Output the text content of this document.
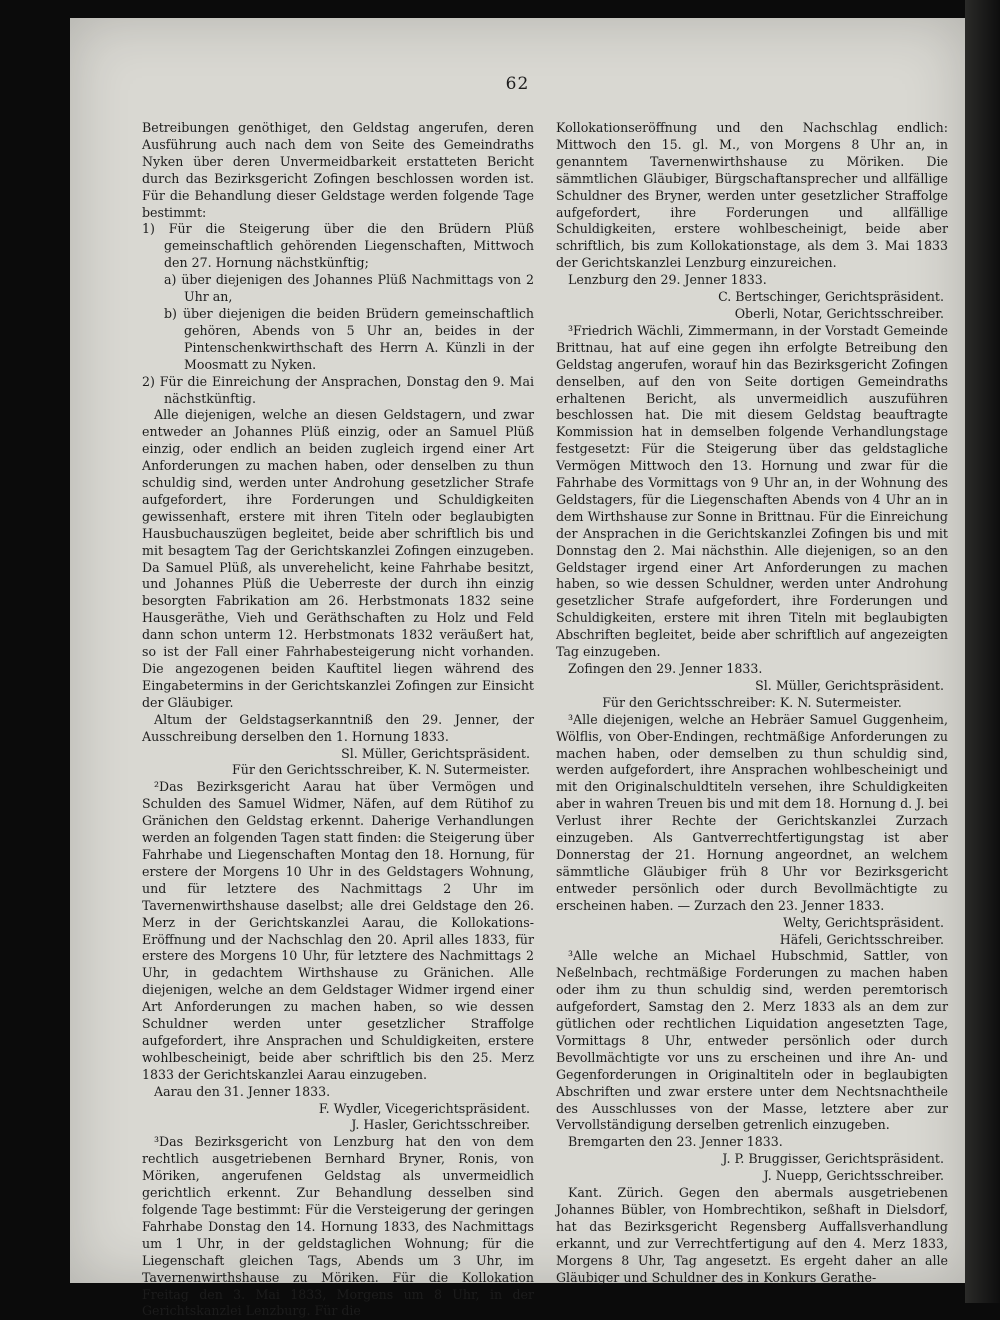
62

Betreibungen genöthiget, den Geldstag angerufen, deren Ausführung auch nach dem von Seite des Gemeindraths Nyken über deren Unvermeidbarkeit erstatteten Bericht durch das Bezirksgericht Zofingen beschlossen worden ist. Für die Behandlung dieser Geldstage werden folgende Tage bestimmt:

1) Für die Steigerung über die den Brüdern Plüß gemeinschaftlich gehörenden Liegenschaften, Mittwoch den 27. Hornung nächstkünftig;

a) über diejenigen des Johannes Plüß Nachmittags von 2 Uhr an,

b) über diejenigen die beiden Brüdern gemeinschaftlich gehören, Abends von 5 Uhr an, beides in der Pintenschenkwirthschaft des Herrn A. Künzli in der Moosmatt zu Nyken.

2) Für die Einreichung der Ansprachen, Donstag den 9. Mai nächstkünftig.

Alle diejenigen, welche an diesen Geldstagern, und zwar entweder an Johannes Plüß einzig, oder an Samuel Plüß einzig, oder endlich an beiden zugleich irgend einer Art Anforderungen zu machen haben, oder denselben zu thun schuldig sind, werden unter Androhung gesetzlicher Strafe aufgefordert, ihre Forderungen und Schuldigkeiten gewissenhaft, erstere mit ihren Titeln oder beglaubigten Hausbuchauszügen begleitet, beide aber schriftlich bis und mit besagtem Tag der Gerichtskanzlei Zofingen einzugeben. Da Samuel Plüß, als unverehelicht, keine Fahrhabe besitzt, und Johannes Plüß die Ueberreste der durch ihn einzig besorgten Fabrikation am 26. Herbstmonats 1832 seine Hausgeräthe, Vieh und Geräthschaften zu Holz und Feld dann schon unterm 12. Herbstmonats 1832 veräußert hat, so ist der Fall einer Fahrhabesteigerung nicht vorhanden. Die angezogenen beiden Kauftitel liegen während des Eingabetermins in der Gerichtskanzlei Zofingen zur Einsicht der Gläubiger.

Altum der Geldstagserkanntniß den 29. Jenner, der Ausschreibung derselben den 1. Hornung 1833.

Sl. Müller, Gerichtspräsident.

Für den Gerichtsschreiber, K. N. Sutermeister.

²Das Bezirksgericht Aarau hat über Vermögen und Schulden des Samuel Widmer, Näfen, auf dem Rütihof zu Gränichen den Geldstag erkennt. Daherige Verhandlungen werden an folgenden Tagen statt finden: die Steigerung über Fahrhabe und Liegenschaften Montag den 18. Hornung, für erstere der Morgens 10 Uhr in des Geldstagers Wohnung, und für letztere des Nachmittags 2 Uhr im Tavernenwirthshause daselbst; alle drei Geldstage den 26. Merz in der Gerichtskanzlei Aarau, die Kollokations-Eröffnung und der Nachschlag den 20. April alles 1833, für erstere des Morgens 10 Uhr, für letztere des Nachmittags 2 Uhr, in gedachtem Wirthshause zu Gränichen. Alle diejenigen, welche an dem Geldstager Widmer irgend einer Art Anforderungen zu machen haben, so wie dessen Schuldner werden unter gesetzlicher Straffolge aufgefordert, ihre Ansprachen und Schuldigkeiten, erstere wohlbescheinigt, beide aber schriftlich bis den 25. Merz 1833 der Gerichtskanzlei Aarau einzugeben.

Aarau den 31. Jenner 1833.

F. Wydler, Vicegerichtspräsident.

J. Hasler, Gerichtsschreiber.

³Das Bezirksgericht von Lenzburg hat den von dem rechtlich ausgetriebenen Bernhard Bryner, Ronis, von Möriken, angerufenen Geldstag als unvermeidlich gerichtlich erkennt. Zur Behandlung desselben sind folgende Tage bestimmt: Für die Versteigerung der geringen Fahrhabe Donstag den 14. Hornung 1833, des Nachmittags um 1 Uhr, in der geldstaglichen Wohnung; für die Liegenschaft gleichen Tags, Abends um 3 Uhr, im Tavernenwirthshause zu Möriken. Für die Kollokation Freitag den 3. Mai 1833, Morgens um 8 Uhr, in der Gerichtskanzlei Lenzburg. Für die

Kollokationseröffnung und den Nachschlag endlich: Mittwoch den 15. gl. M., von Morgens 8 Uhr an, in genanntem Tavernenwirthshause zu Möriken. Die sämmtlichen Gläubiger, Bürgschaftansprecher und allfällige Schuldner des Bryner, werden unter gesetzlicher Straffolge aufgefordert, ihre Forderungen und allfällige Schuldigkeiten, erstere wohlbescheinigt, beide aber schriftlich, bis zum Kollokationstage, als dem 3. Mai 1833 der Gerichtskanzlei Lenzburg einzureichen.

Lenzburg den 29. Jenner 1833.

C. Bertschinger, Gerichtspräsident.

Oberli, Notar, Gerichtsschreiber.

³Friedrich Wächli, Zimmermann, in der Vorstadt Gemeinde Brittnau, hat auf eine gegen ihn erfolgte Betreibung den Geldstag angerufen, worauf hin das Bezirksgericht Zofingen denselben, auf den von Seite dortigen Gemeindraths erhaltenen Bericht, als unvermeidlich auszuführen beschlossen hat. Die mit diesem Geldstag beauftragte Kommission hat in demselben folgende Verhandlungstage festgesetzt: Für die Steigerung über das geldstagliche Vermögen Mittwoch den 13. Hornung und zwar für die Fahrhabe des Vormittags von 9 Uhr an, in der Wohnung des Geldstagers, für die Liegenschaften Abends von 4 Uhr an in dem Wirthshause zur Sonne in Brittnau. Für die Einreichung der Ansprachen in die Gerichtskanzlei Zofingen bis und mit Donnstag den 2. Mai nächsthin. Alle diejenigen, so an den Geldstager irgend einer Art Anforderungen zu machen haben, so wie dessen Schuldner, werden unter Androhung gesetzlicher Strafe aufgefordert, ihre Forderungen und Schuldigkeiten, erstere mit ihren Titeln mit beglaubigten Abschriften begleitet, beide aber schriftlich auf angezeigten Tag einzugeben.

Zofingen den 29. Jenner 1833.

Sl. Müller, Gerichtspräsident.

Für den Gerichtsschreiber: K. N. Sutermeister.

³Alle diejenigen, welche an Hebräer Samuel Guggenheim, Wölflis, von Ober-Endingen, rechtmäßige Anforderungen zu machen haben, oder demselben zu thun schuldig sind, werden aufgefordert, ihre Ansprachen wohlbescheinigt und mit den Originalschuldtiteln versehen, ihre Schuldigkeiten aber in wahren Treuen bis und mit dem 18. Hornung d. J. bei Verlust ihrer Rechte der Gerichtskanzlei Zurzach einzugeben. Als Gantverrechtfertigungstag ist aber Donnerstag der 21. Hornung angeordnet, an welchem sämmtliche Gläubiger früh 8 Uhr vor Bezirksgericht entweder persönlich oder durch Bevollmächtigte zu erscheinen haben. — Zurzach den 23. Jenner 1833.

Welty, Gerichtspräsident.

Häfeli, Gerichtsschreiber.

³Alle welche an Michael Hubschmid, Sattler, von Neßelnbach, rechtmäßige Forderungen zu machen haben oder ihm zu thun schuldig sind, werden peremtorisch aufgefordert, Samstag den 2. Merz 1833 als an dem zur gütlichen oder rechtlichen Liquidation angesetzten Tage, Vormittags 8 Uhr, entweder persönlich oder durch Bevollmächtigte vor uns zu erscheinen und ihre An- und Gegenforderungen in Originaltiteln oder in beglaubigten Abschriften und zwar erstere unter dem Nechtsnachtheile des Ausschlusses von der Masse, letztere aber zur Vervollständigung derselben getrenlich einzugeben.

Bremgarten den 23. Jenner 1833.

J. P. Bruggisser, Gerichtspräsident.

J. Nuepp, Gerichtsschreiber.

Kant. Zürich. Gegen den abermals ausgetriebenen Johannes Bübler, von Hombrechtikon, seßhaft in Dielsdorf, hat das Bezirksgericht Regensberg Auffallsverhandlung erkannt, und zur Verrechtfertigung auf den 4. Merz 1833, Morgens 8 Uhr, Tag angesetzt. Es ergeht daher an alle Gläubiger und Schuldner des in Konkurs Gerathe-
